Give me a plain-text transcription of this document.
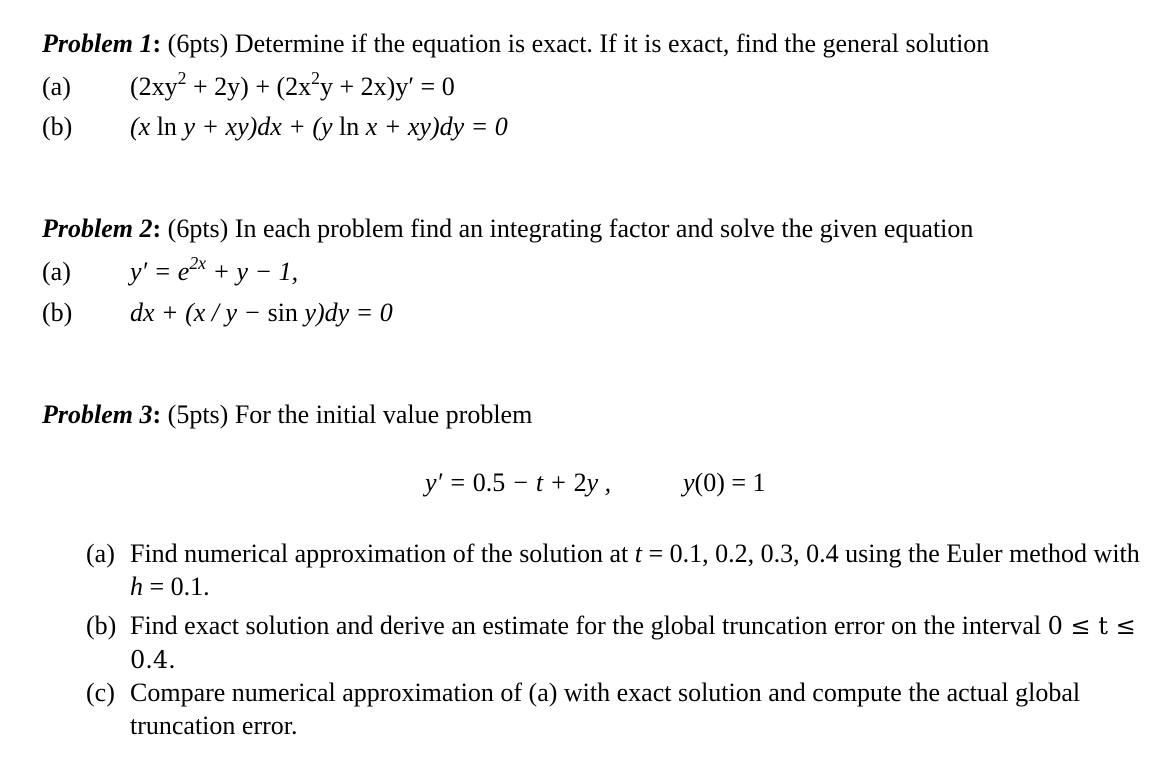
Problem 1: (6pts) Determine if the equation is exact. If it is exact, find the general solution
(a) $(2xy^2 + 2y) + (2x^2y + 2x)y' = 0$
(b) (x ln y + xy)dx + (y ln x + xy)dy = 0
Problem 2: (6pts) In each problem find an integrating factor and solve the given equation
(a) $y' = e^{2x} + y - 1$,
(b) dx + (x / y − sin y)dy = 0
Problem 3: (5pts) For the initial value problem
y′ = 0.5 − t + 2y ,	y(0) = 1
(a) Find numerical approximation of the solution at t = 0.1, 0.2, 0.3, 0.4 using the Euler method with h = 0.1.
(b) Find exact solution and derive an estimate for the global truncation error on the interval 0 ≤ t ≤ 0.4.
(c) Compare numerical approximation of (a) with exact solution and compute the actual global truncation error.
